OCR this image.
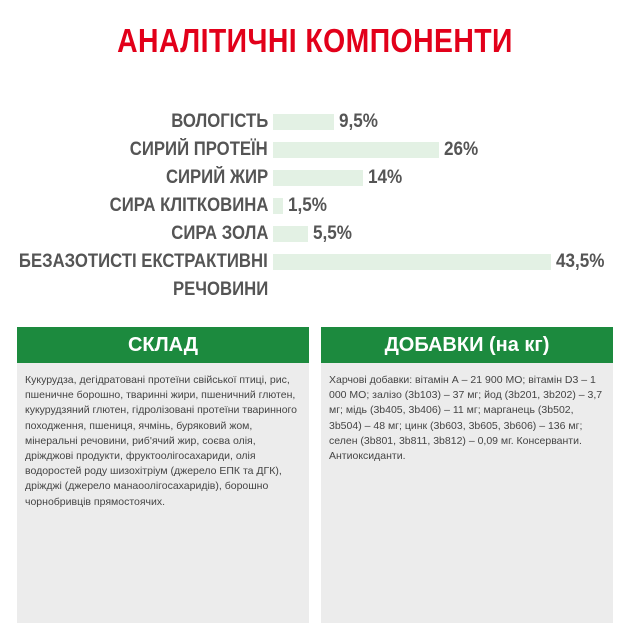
АНАЛІТИЧНІ КОМПОНЕНТИ
ВОЛОГІСТЬ	9,5%
СИРИЙ ПРОТЕЇН	26%
СИРИЙ ЖИР	14%
СИРА КЛІТКОВИНА 1,5%
СИРА ЗОЛА 5,5%
БЕЗАЗОТИСТІ ЕКСТРАКТИВНІ	43,5%
РЕЧОВИНИ
СКЛАД
Кукурудза, дегідратовані протеїни свійської птиці, рис, пшеничне борошно, тваринні жири, пшеничний глютен, кукурудзяний глютен, гідролізовані протеїни тваринного походження, пшениця, ячмінь, буряковий жом, мінеральні речовини, риб'ячий жир, соєва олія, дріжджові продукти, фруктоолігосахариди, олія водоростей роду шизохітріум (джерело ЕПК та ДГК), дріжджі (джерело манаоолігосахаридів), борошно чорнобривців прямостоячих.
ДОБАВКИ (на кг)
Харчові добавки: вітамін А – 21 900 МО; вітамін D3 – 1 000 МО; залізо (3b103) – 37 мг; йод (3b201, 3b202) – 3,7 мг; мідь (3b405, 3b406) – 11 мг; марганець (3b502, 3b504) – 48 мг; цинк (3b603, 3b605, 3b606) – 136 мг; селен (3b801, 3b811, 3b812) – 0,09 мг. Консерванти. Антиоксиданти.
